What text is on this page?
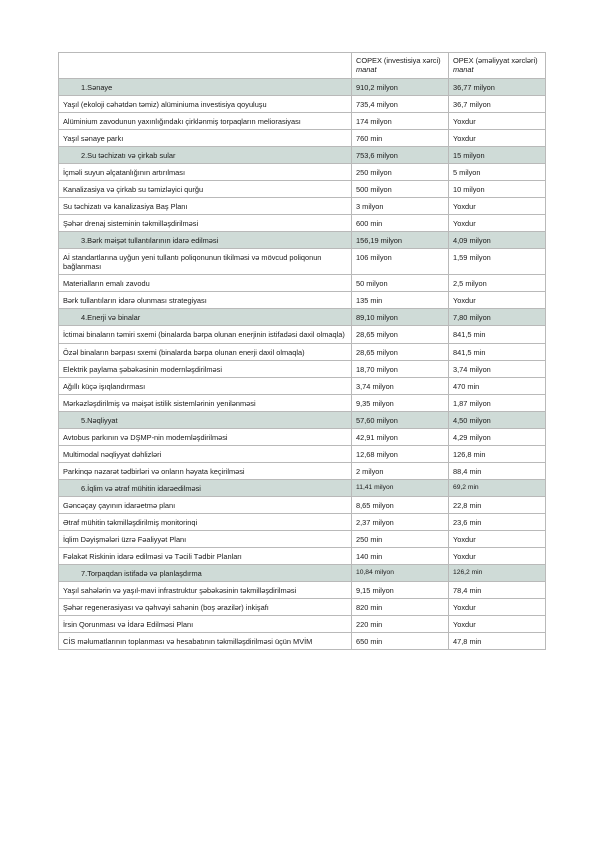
	COPEX (investisiya xərci) manat	OPEX (əməliyyat xərcləri) manat
1.Sənaye	910,2 milyon	36,77 milyon
Yaşıl (ekoloji cəhətdən təmiz) alüminiuma investisiya qoyuluşu	735,4 milyon	36,7 milyon
Alüminium zavodunun yaxınlığındakı çirklənmiş torpaqların meliorasiyası	174 milyon	Yoxdur
Yaşıl sənaye parkı	760 min	Yoxdur
2.Su təchizatı və çirkab sular	753,6 milyon	15 milyon
İçməli suyun əlçatanlığının artırılması	250 milyon	5 milyon
Kanalizasiya və çirkab su təmizləyici qurğu	500 milyon	10 milyon
Su təchizatı və kanalizasiya Baş Planı	3 milyon	Yoxdur
Şəhər drenaj sisteminin təkmilləşdirilməsi	600 min	Yoxdur
3.Bərk məişət tullantılarının idarə edilməsi	156,19 milyon	4,09 milyon
Aİ standartlarına uyğun yeni tullantı poliqonunun tikilməsi və mövcud poliqonun bağlanması	106 milyon	1,59 milyon
Materialların emalı zavodu	50 milyon	2,5 milyon
Bərk tullantıların idarə olunması strategiyası	135 min	Yoxdur
4.Enerji və binalar	89,10 milyon	7,80 milyon
İctimai binaların təmiri sxemi (binalarda bərpa olunan enerjinin istifadəsi daxil olmaqla)	28,65 milyon	841,5 min
Özəl binaların bərpası sxemi (binalarda bərpa olunan enerji daxil olmaqla)	28,65 milyon	841,5 min
Elektrik paylama şəbəkəsinin modernləşdirilməsi	18,70 milyon	3,74 milyon
Ağıllı küçə işıqlandırması	3,74 milyon	470 min
Mərkəzləşdirilmiş və məişət istilik sistemlərinin yenilənməsi	9,35 milyon	1,87 milyon
5.Nəqliyyat	57,60 milyon	4,50 milyon
Avtobus parkının və DŞMP-nin modernləşdirilməsi	42,91 milyon	4,29 milyon
Multimodal nəqliyyat dəhlizləri	12,68 milyon	126,8 min
Parkinqə nəzarət tədbirləri və onların həyata keçirilməsi	2 milyon	88,4 min
6.İqlim və ətraf mühitin idarəedilməsi	11,41 milyon	69,2 min
Gəncəçay çayının idarəetmə planı	8,65 milyon	22,8 min
Ətraf mühitin təkmilləşdirilmiş monitorinqi	2,37 milyon	23,6 min
İqlim Dəyişmələri üzrə Fəaliyyət Planı	250 min	Yoxdur
Fəlakət Riskinin idarə edilməsi və Təcili Tədbir Planları	140 min	Yoxdur
7.Torpaqdan istifadə və planlaşdırma	10,84 milyon	126,2 min
Yaşıl sahələrin və yaşıl-mavi infrastruktur şəbəkəsinin təkmilləşdirilməsi	9,15 milyon	78,4 min
Şəhər regenerasiyası və qəhvəyi sahənin (boş ərazilər) inkişafı	820 min	Yoxdur
İrsin Qorunması və İdarə Edilməsi Planı	220 min	Yoxdur
CİS məlumatlarının toplanması və hesabatının təkmilləşdirilməsi üçün MVİM	650 min	47,8 min
